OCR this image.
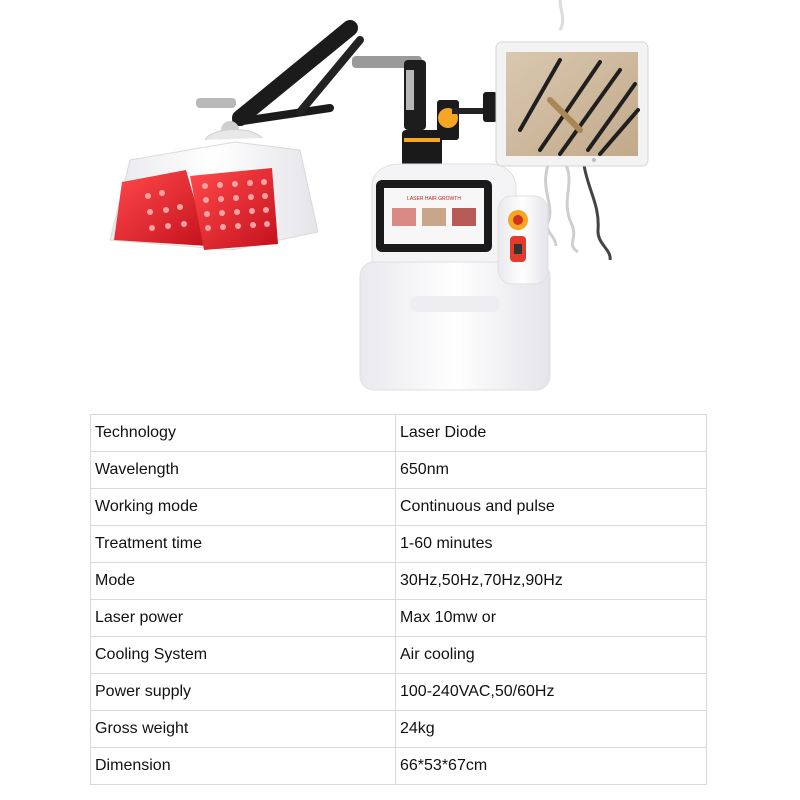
LASER HAIR GROWTH
Technology	Laser Diode
Wavelength	650nm
Working mode	Continuous and pulse
Treatment time	1-60 minutes
Mode	30Hz,50Hz,70Hz,90Hz
Laser power	Max 10mw or
Cooling System	Air cooling
Power supply	100-240VAC,50/60Hz
Gross weight	24kg
Dimension	66*53*67cm
